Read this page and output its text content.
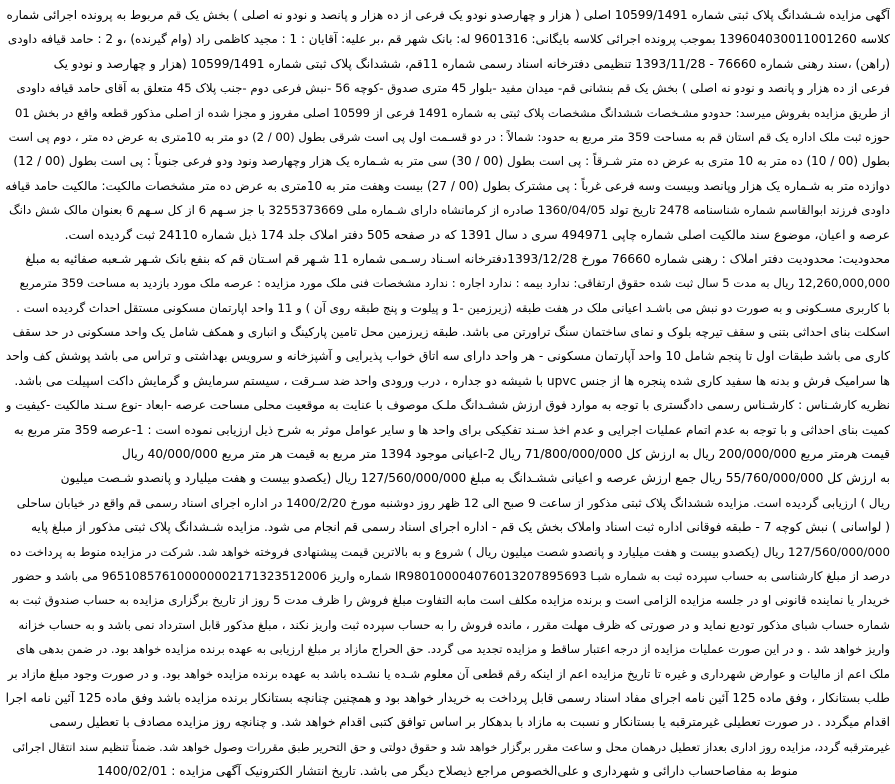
آگهی مزایده شـشدانگ پلاک ثبتی شماره 10599/1491 اصلی ( هزار و چهارصدو نودو یک فرعی از ده هزار و پانصد و نودو نه اصلی ) بخش یک قم مربوط به پرونده اجرائی شماره
کلاسه 139604030011001260 بموجب پرونده اجرائی کلاسه بایگانی: 9601316 له: بانک شهر قم ،بر علیه: آقایان : 1 : مجید کاظمی راد (وام گیرنده) ،و 2 : حامد قیافه داودی
(راهن) ،سند رهنی شماره 76660 - 1393/11/28 تنظیمی دفترخانه اسناد رسمی شماره 11قم، ششدانگ پلاک ثبتی شماره 10599/1491 (هزار و چهارصد و نودو یک
فرعی از ده هزار و پانصد و نودو نه اصلی ) بخش یک قم بنشانی قم- میدان مفید -بلوار 45 متری صدوق -کوچه 56 -نبش فرعی دوم -جنب پلاک 45 متعلق به آقای حامد قیافه داودی
از طریق مزایده بفروش میرسد: حدودو مشـخصات ششدانگ مشخصات پلاک ثبتی به شماره 1491 فرعی از 10599 اصلی مفروز و مجزا شده از اصلی مذکور قطعه واقع در بخش 01
حوزه ثبت ملک اداره یک قم استان قم به مساحت 359 متر مربع به حدود: شمالاً : در دو قسـمت اول پی است شرقی بطول (00 / 2) دو متر به 10متری به عرض ده متر ، دوم پی است
بطول (00 / 10) ده متر به 10 متری به عرض ده متر شـرقاً : پی است بطول (00 / 30) سی متر به شـماره یک هزار وچهارصد ونود ودو فرعی جنوباً : پی است بطول (00 / 12)
دوازده متر به شـماره یک هزار وپانصد وبیست وسه فرعی غرباً : پی مشترک بطول (00 / 27) بیست وهفت متر به 10متری به عرض ده متر مشخصات مالکیت: مالکیت حامد قیافه
داودی فرزند ابوالقاسم شماره شناسنامه 2478 تاریخ تولد 1360/04/05 صادره از کرمانشاه دارای شـماره ملی 3255373669 با جز سـهم 6 از کل سـهم 6 بعنوان مالک شش دانگ
عرصه و اعیان، موضوع سند مالکیت اصلی شماره چاپی 494971 سری د سال 1391 که در صفحه 505 دفتر املاک جلد 174 ذیل شماره 24110 ثبت گردیده است.
محدودیت: محدودیت دفتر املاک : رهنی شماره 76660 مورخ 1393/12/28دفترخانه اسـناد رسـمی شماره 11 شـهر قم اسـتان قم که بنفع بانک شـهر شـعبه صفائیه به مبلغ
12,260,000,000 ریال به مدت 5 سال ثبت شده حقوق ارتفاقی: ندارد بیمه : ندارد اجاره : ندارد مشخصات فنی ملک مورد مزایده : عرصه ملک مورد بازدید به مساحت 359 مترمربع
با کاربری مسـکونی و به صورت دو نبش می باشـد اعیانی ملک در هفت طبقه (زیرزمین -1 و پیلوت و پنج طبقه روی آن ) و 11 واحد اپارتمان مسکونی مستقل احداث گردیده است .
اسکلت بنای احداثی بتنی و سقف تیرچه بلوک و نمای ساختمان سنگ تراورتن می باشد. طبقه زیرزمین محل تامین پارکینگ و انباری و همکف شامل یک واحد مسکونی در حد سقف
کاری می باشد طبقات اول تا پنجم شامل 10 واحد آپارتمان مسکونی - هر واحد دارای سه اتاق خواب پذیرایی و آشپزخانه و سرویس بهداشتی و تراس می باشد پوشش کف واحد
ها سرامیک فرش و بدنه ها سفید کاری شده پنجره ها از جنس upvc با شیشه دو جداره ، درب ورودی واحد ضد سـرقت ، سیستم سرمایش و گرمایش داکت اسپیلت می باشد.
نظریه کارشـناس : کارشـناس رسمی دادگستری با توجه به موارد فوق ارزش ششـدانگ ملـک موصوف با عنایت به موقعیت محلی مساحت عرصه -ابعاد -نوع سـند مالکیت -کیفیت و
کمیت بنای احداثی و با توجه به عدم اتمام عملیات اجرایی و عدم اخذ سـند تفکیکی برای واحد ها و سایر عوامل موثر به شرح ذیل ارزیابی نموده است : 1-عرصه 359 متر مربع به
قیمت هرمتر مربع 200/000/000 ریال به ارزش کل 71/800/000/000 ریال 2-اعیانی موجود 1394 متر مربع به قیمت هر متر مربع 40/000/000 ریال
به ارزش کل 55/760/000/000 ریال جمع ارزش عرصه و اعیانی ششـدانگ به مبلغ 127/560/000/000 ریال (یکصدو بیست و هفت میلیارد و پانصدو شـصت میلیون
ریال ) ارزیابی گردیده است. مزایده ششدانگ پلاک ثبتی مذکور از ساعت 9 صبح الی 12 ظهر روز دوشنبه مورخ 1400/2/20 در اداره اجرای اسناد رسمی قم واقع در خیابان ساحلی
( لواسانی ) نبش کوچه 7 - طبقه فوقانی اداره ثبت اسناد واملاک بخش یک قم - اداره اجرای اسناد رسمی قم انجام می شود. مزایده شـشدانگ پلاک ثبتی مذکور از مبلغ پایه
127/560/000/000 ریال (یکصدو بیست و هفت میلیارد و پانصدو شصت میلیون ریال ) شروع و به بالاترین قیمت پیشنهادی فروخته خواهد شد. شرکت در مزایده منوط به پرداخت ده
درصد از مبلغ کارشناسی به حساب سپرده ثبت به شماره شبـا IR980100004076013207895693 شماره واریز 965108576100000002171323512006 می باشد و حضور
خریدار یا نماینده قانونی او در جلسه مزایده الزامی است و برنده مزایده مکلف است مابه التفاوت مبلغ فروش را ظرف مدت 5 روز از تاریخ برگزاری مزایده به حساب صندوق ثبت به
شماره حساب شبای مذکور تودیع نماید و در صورتی که ظرف مهلت مقرر ، مانده فروش را به حساب سپرده ثبت واریز نکند ، مبلغ مذکور قابل استرداد نمی باشد و به حساب خزانه
واریز خواهد شد . و در این صورت عملیات مزایده از درجه اعتبار ساقط و مزایده تجدید می گردد. حق الحراج مازاد بر مبلغ ارزیابی به عهده برنده مزایده خواهد بود. در ضمن بدهی های
ملک اعم از مالیات و عوارض شهرداری و غیره تا تاریخ مزایده اعم از اینکه رقم قطعی آن معلوم شـده یا نشـده باشد به عهده برنده مزایده خواهد بود. و در صورت وجود مبلغ مازاد بر
طلب بستانکار ، وفق ماده 125 آئین نامه اجرای مفاد اسناد رسمی قابل پرداخت به خریدار خواهد بود و همچنین چنانچه بستانکار برنده مزایده باشد وفق ماده 125 آئین نامه اجرا
اقدام میگردد . در صورت تعطیلی غیرمترقبه یا بستانکار و نسبت به مازاد با بدهکار بر اساس توافق کتبی اقدام خواهد شد. و چنانچه روز مزایده مصادف با تعطیل رسمی
غیرمترقبه گردد، مزایده روز اداری بعداز تعطیل درهمان محل و ساعت مقرر برگزار خواهد شد و حقوق دولتی و حق التحریر طبق مقررات وصول خواهد شد. ضمناً تنظیم سند انتقال اجرائی
منوط به مفاصاحساب دارائی و شهرداری و علی‌الخصوص مراجع ذیصلاح دیگر می باشد. تاریخ انتشار الکترونیک آگهی مزایده : 1400/02/01
